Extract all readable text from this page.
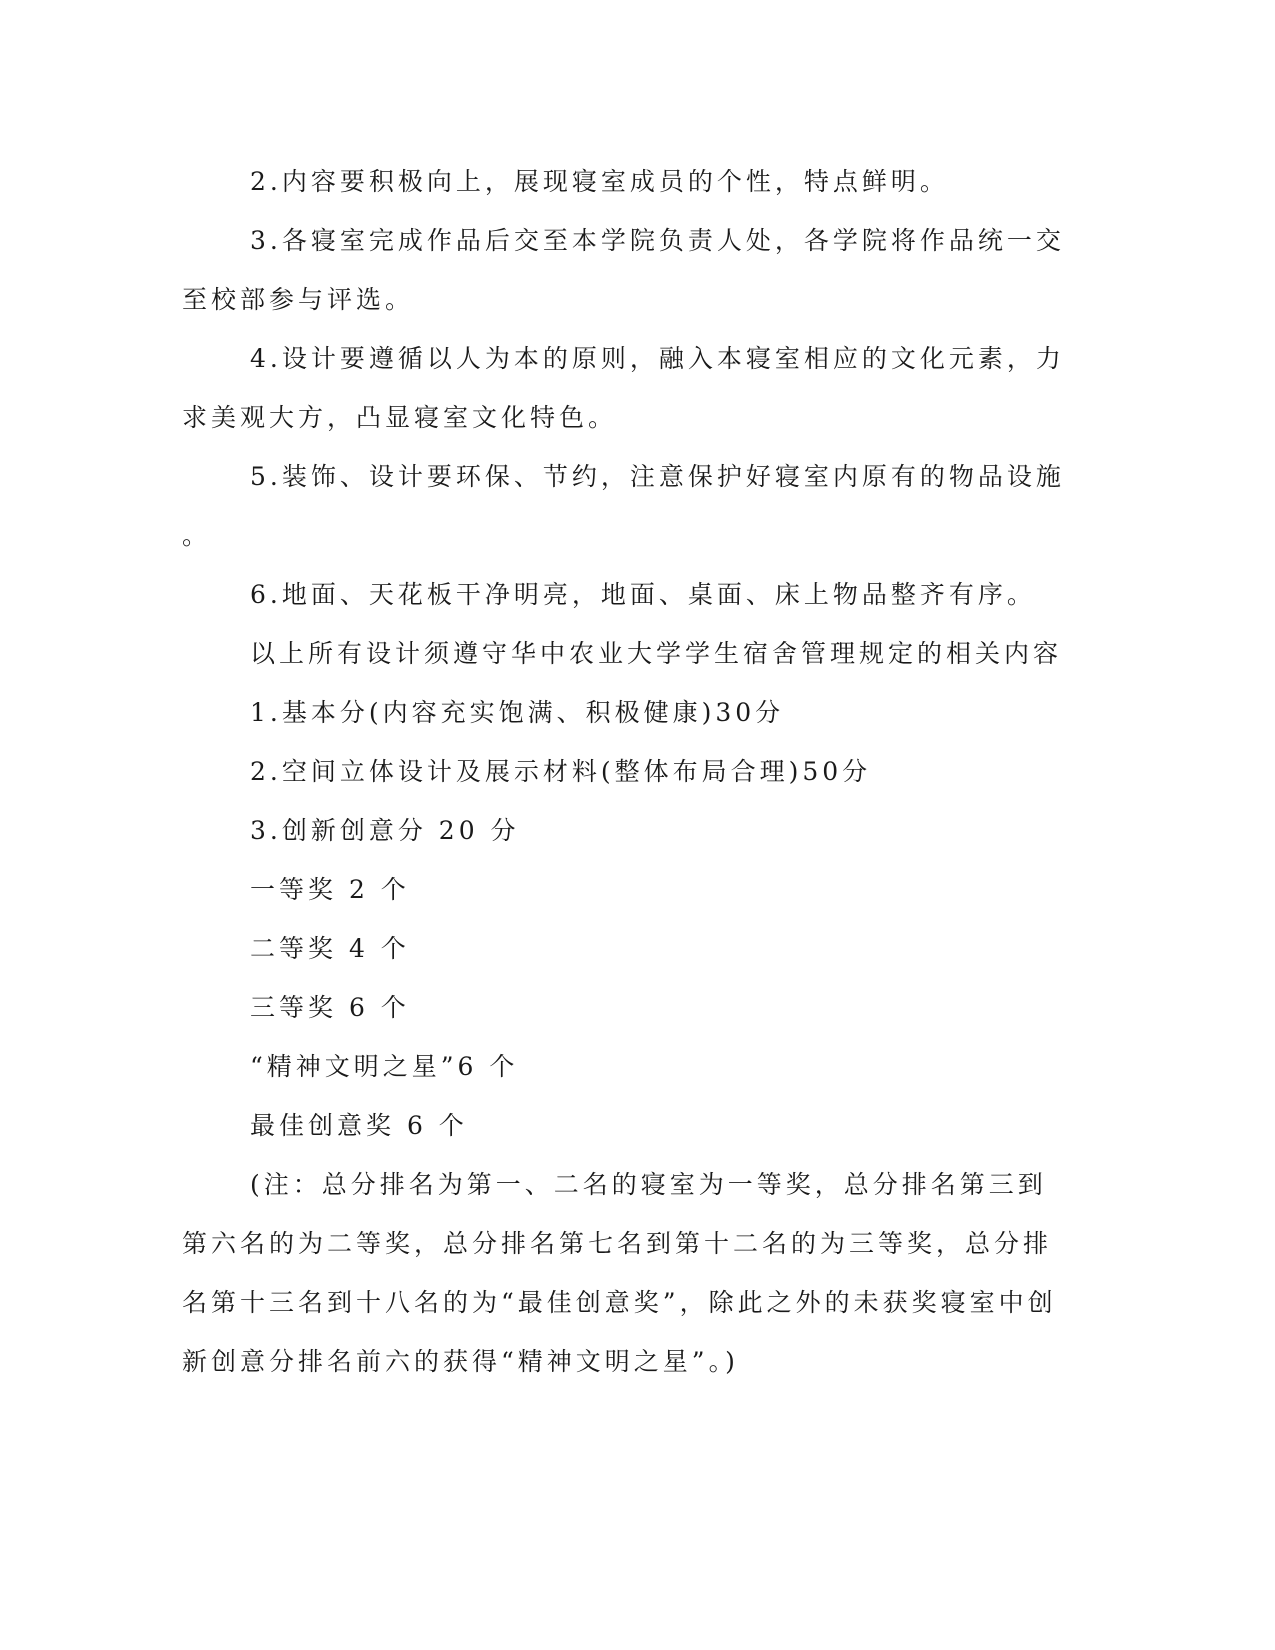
2.内容要积极向上，展现寝室成员的个性，特点鲜明。
3.各寝室完成作品后交至本学院负责人处，各学院将作品统一交
至校部参与评选。
4.设计要遵循以人为本的原则，融入本寝室相应的文化元素，力
求美观大方，凸显寝室文化特色。
5.装饰、设计要环保、节约，注意保护好寝室内原有的物品设施
。
6.地面、天花板干净明亮，地面、桌面、床上物品整齐有序。
以上所有设计须遵守华中农业大学学生宿舍管理规定的相关内容
1.基本分(内容充实饱满、积极健康)30分
2.空间立体设计及展示材料(整体布局合理)50分
3.创新创意分 20 分
一等奖 2 个
二等奖 4 个
三等奖 6 个
“精神文明之星”6 个
最佳创意奖 6 个
(注：总分排名为第一、二名的寝室为一等奖，总分排名第三到
第六名的为二等奖，总分排名第七名到第十二名的为三等奖，总分排
名第十三名到十八名的为“最佳创意奖”，除此之外的未获奖寝室中创
新创意分排名前六的获得“精神文明之星”。)
